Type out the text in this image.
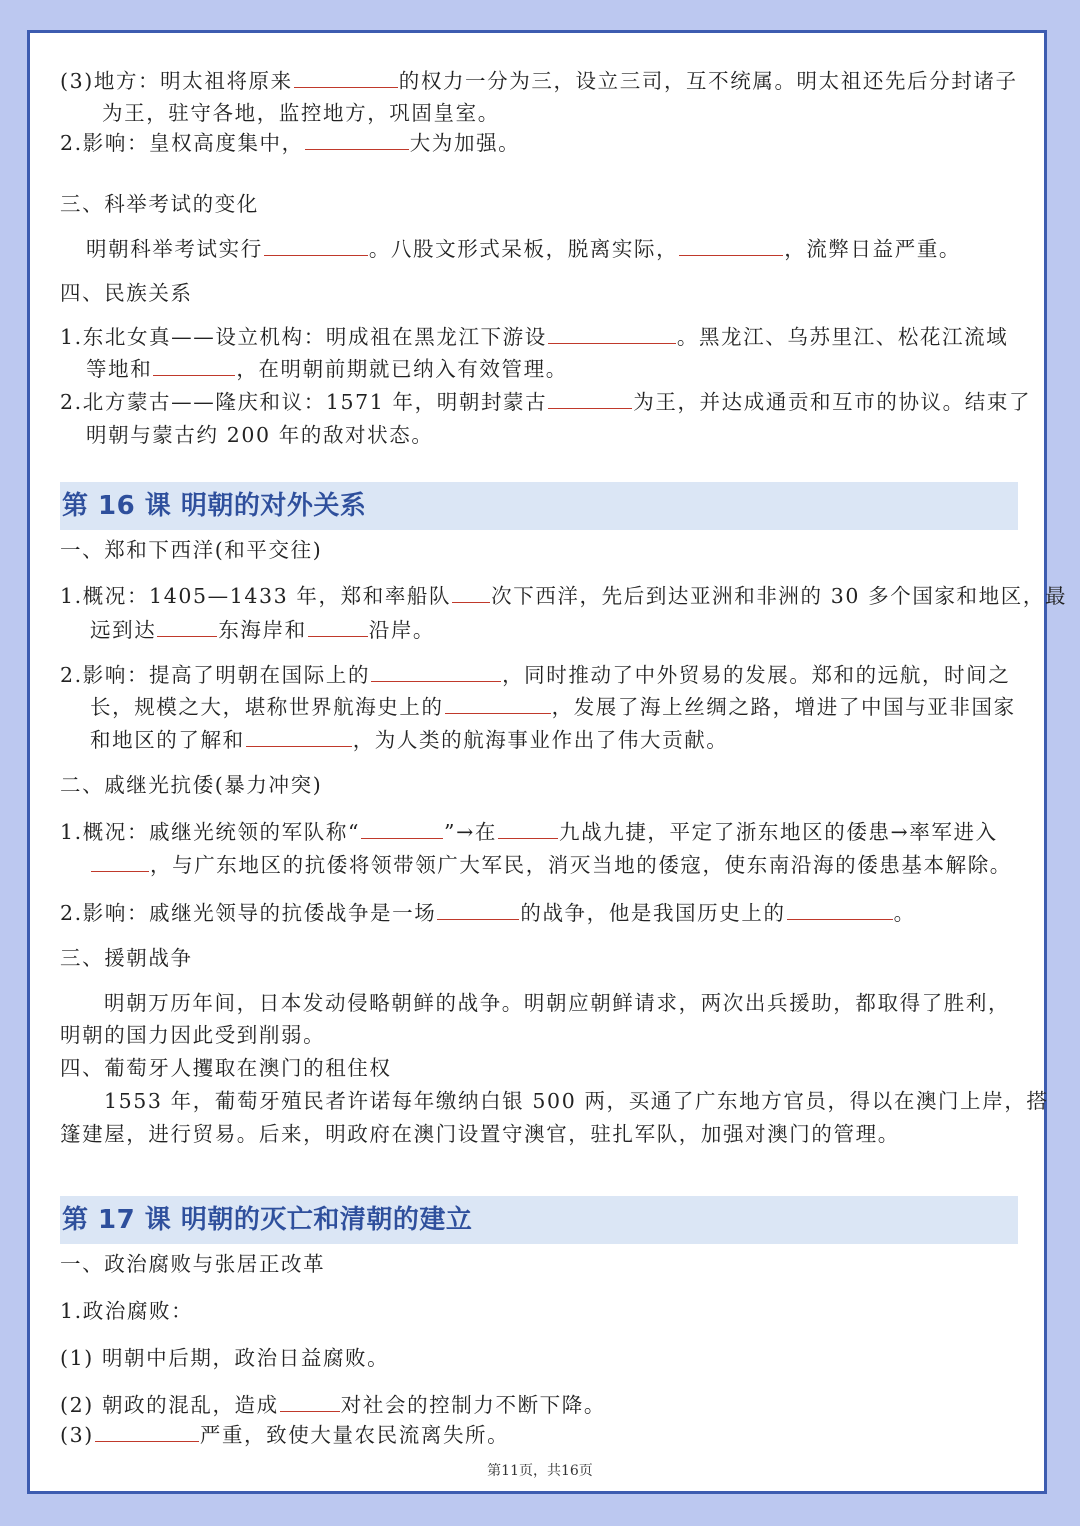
(3)地方：明太祖将原来	的权力一分为三，设立三司，互不统属。明太祖还先后分封诸子
为王，驻守各地，监控地方，巩固皇室。
2.影响：皇权高度集中，	大为加强。
三、科举考试的变化
明朝科举考试实行	。八股文形式呆板，脱离实际，	，流弊日益严重。
四、民族关系
1.东北女真——设立机构：明成祖在黑龙江下游设	。黑龙江、乌苏里江、松花江流域
等地和	，在明朝前期就已纳入有效管理。
2.北方蒙古——隆庆和议：1571 年，明朝封蒙古	为王，并达成通贡和互市的协议。结束了
明朝与蒙古约 200 年的敌对状态。
第 16 课 明朝的对外关系
一、郑和下西洋(和平交往)
1.概况：1405—1433 年，郑和率船队 次下西洋，先后到达亚洲和非洲的 30 多个国家和地区，最
远到达	东海岸和	沿岸。
2.影响：提高了明朝在国际上的	，同时推动了中外贸易的发展。郑和的远航，时间之
长，规模之大，堪称世界航海史上的	，发展了海上丝绸之路，增进了中国与亚非国家
和地区的了解和	，为人类的航海事业作出了伟大贡献。
二、戚继光抗倭(暴力冲突)
1.概况：戚继光统领的军队称“	”→在	九战九捷，平定了浙东地区的倭患→率军进入
，与广东地区的抗倭将领带领广大军民，消灭当地的倭寇，使东南沿海的倭患基本解除。
2.影响：戚继光领导的抗倭战争是一场	的战争，他是我国历史上的	。
三、援朝战争
明朝万历年间，日本发动侵略朝鲜的战争。明朝应朝鲜请求，两次出兵援助，都取得了胜利，
明朝的国力因此受到削弱。
四、葡萄牙人攫取在澳门的租住权
1553 年，葡萄牙殖民者许诺每年缴纳白银 500 两，买通了广东地方官员，得以在澳门上岸，搭
篷建屋，进行贸易。后来，明政府在澳门设置守澳官，驻扎军队，加强对澳门的管理。
第 17 课 明朝的灭亡和清朝的建立
一、政治腐败与张居正改革
1.政治腐败：
(1) 明朝中后期，政治日益腐败。
(2) 朝政的混乱，造成	对社会的控制力不断下降。
(3)	严重，致使大量农民流离失所。
第11页，共16页
